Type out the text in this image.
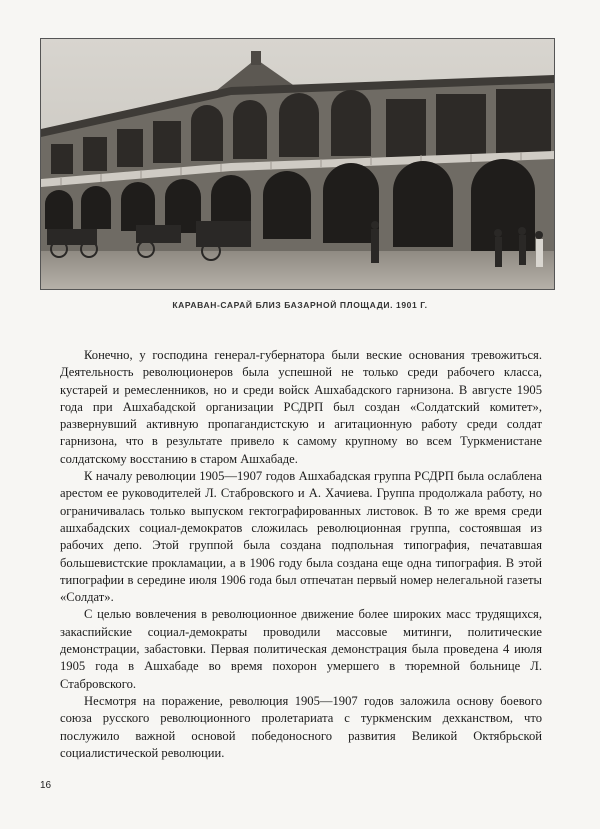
КАРАВАН-САРАЙ БЛИЗ БАЗАРНОЙ ПЛОЩАДИ. 1901 Г.

Конечно, у господина генерал-губернатора были веские основания тревожиться. Деятельность революционеров была успешной не только среди рабочего класса, кустарей и ремесленников, но и среди войск Ашхабадского гарнизона. В августе 1905 года при Ашхабадской организации РСДРП был создан «Солдатский комитет», развернувший активную пропагандистскую и агитационную работу среди солдат гарнизона, что в результате привело к самому крупному во всем Туркменистане солдатскому восстанию в старом Ашхабаде.

К началу революции 1905—1907 годов Ашхабадская группа РСДРП была ослаблена арестом ее руководителей Л. Стабровского и А. Хачиева. Группа продолжала работу, но ограничивалась только выпуском гектографированных листовок. В то же время среди ашхабадских социал-демократов сложилась революционная группа, состоявшая из рабочих депо. Этой группой была создана подпольная типография, печатавшая большевистские прокламации, а в 1906 году была создана еще одна типография. В этой типографии в середине июля 1906 года был отпечатан первый номер нелегальной газеты «Солдат».

С целью вовлечения в революционное движение более широких масс трудящихся, закаспийские социал-демократы проводили массовые митинги, политические демонстрации, забастовки. Первая политическая демонстрация была проведена 4 июля 1905 года в Ашхабаде во время похорон умершего в тюремной больнице Л. Стабровского.

Несмотря на поражение, революция 1905—1907 годов заложила основу боевого союза русского революционного пролетариата с туркменским дехканством, что послужило важной основой победоносного развития Великой Октябрьской социалистической революции.

16
